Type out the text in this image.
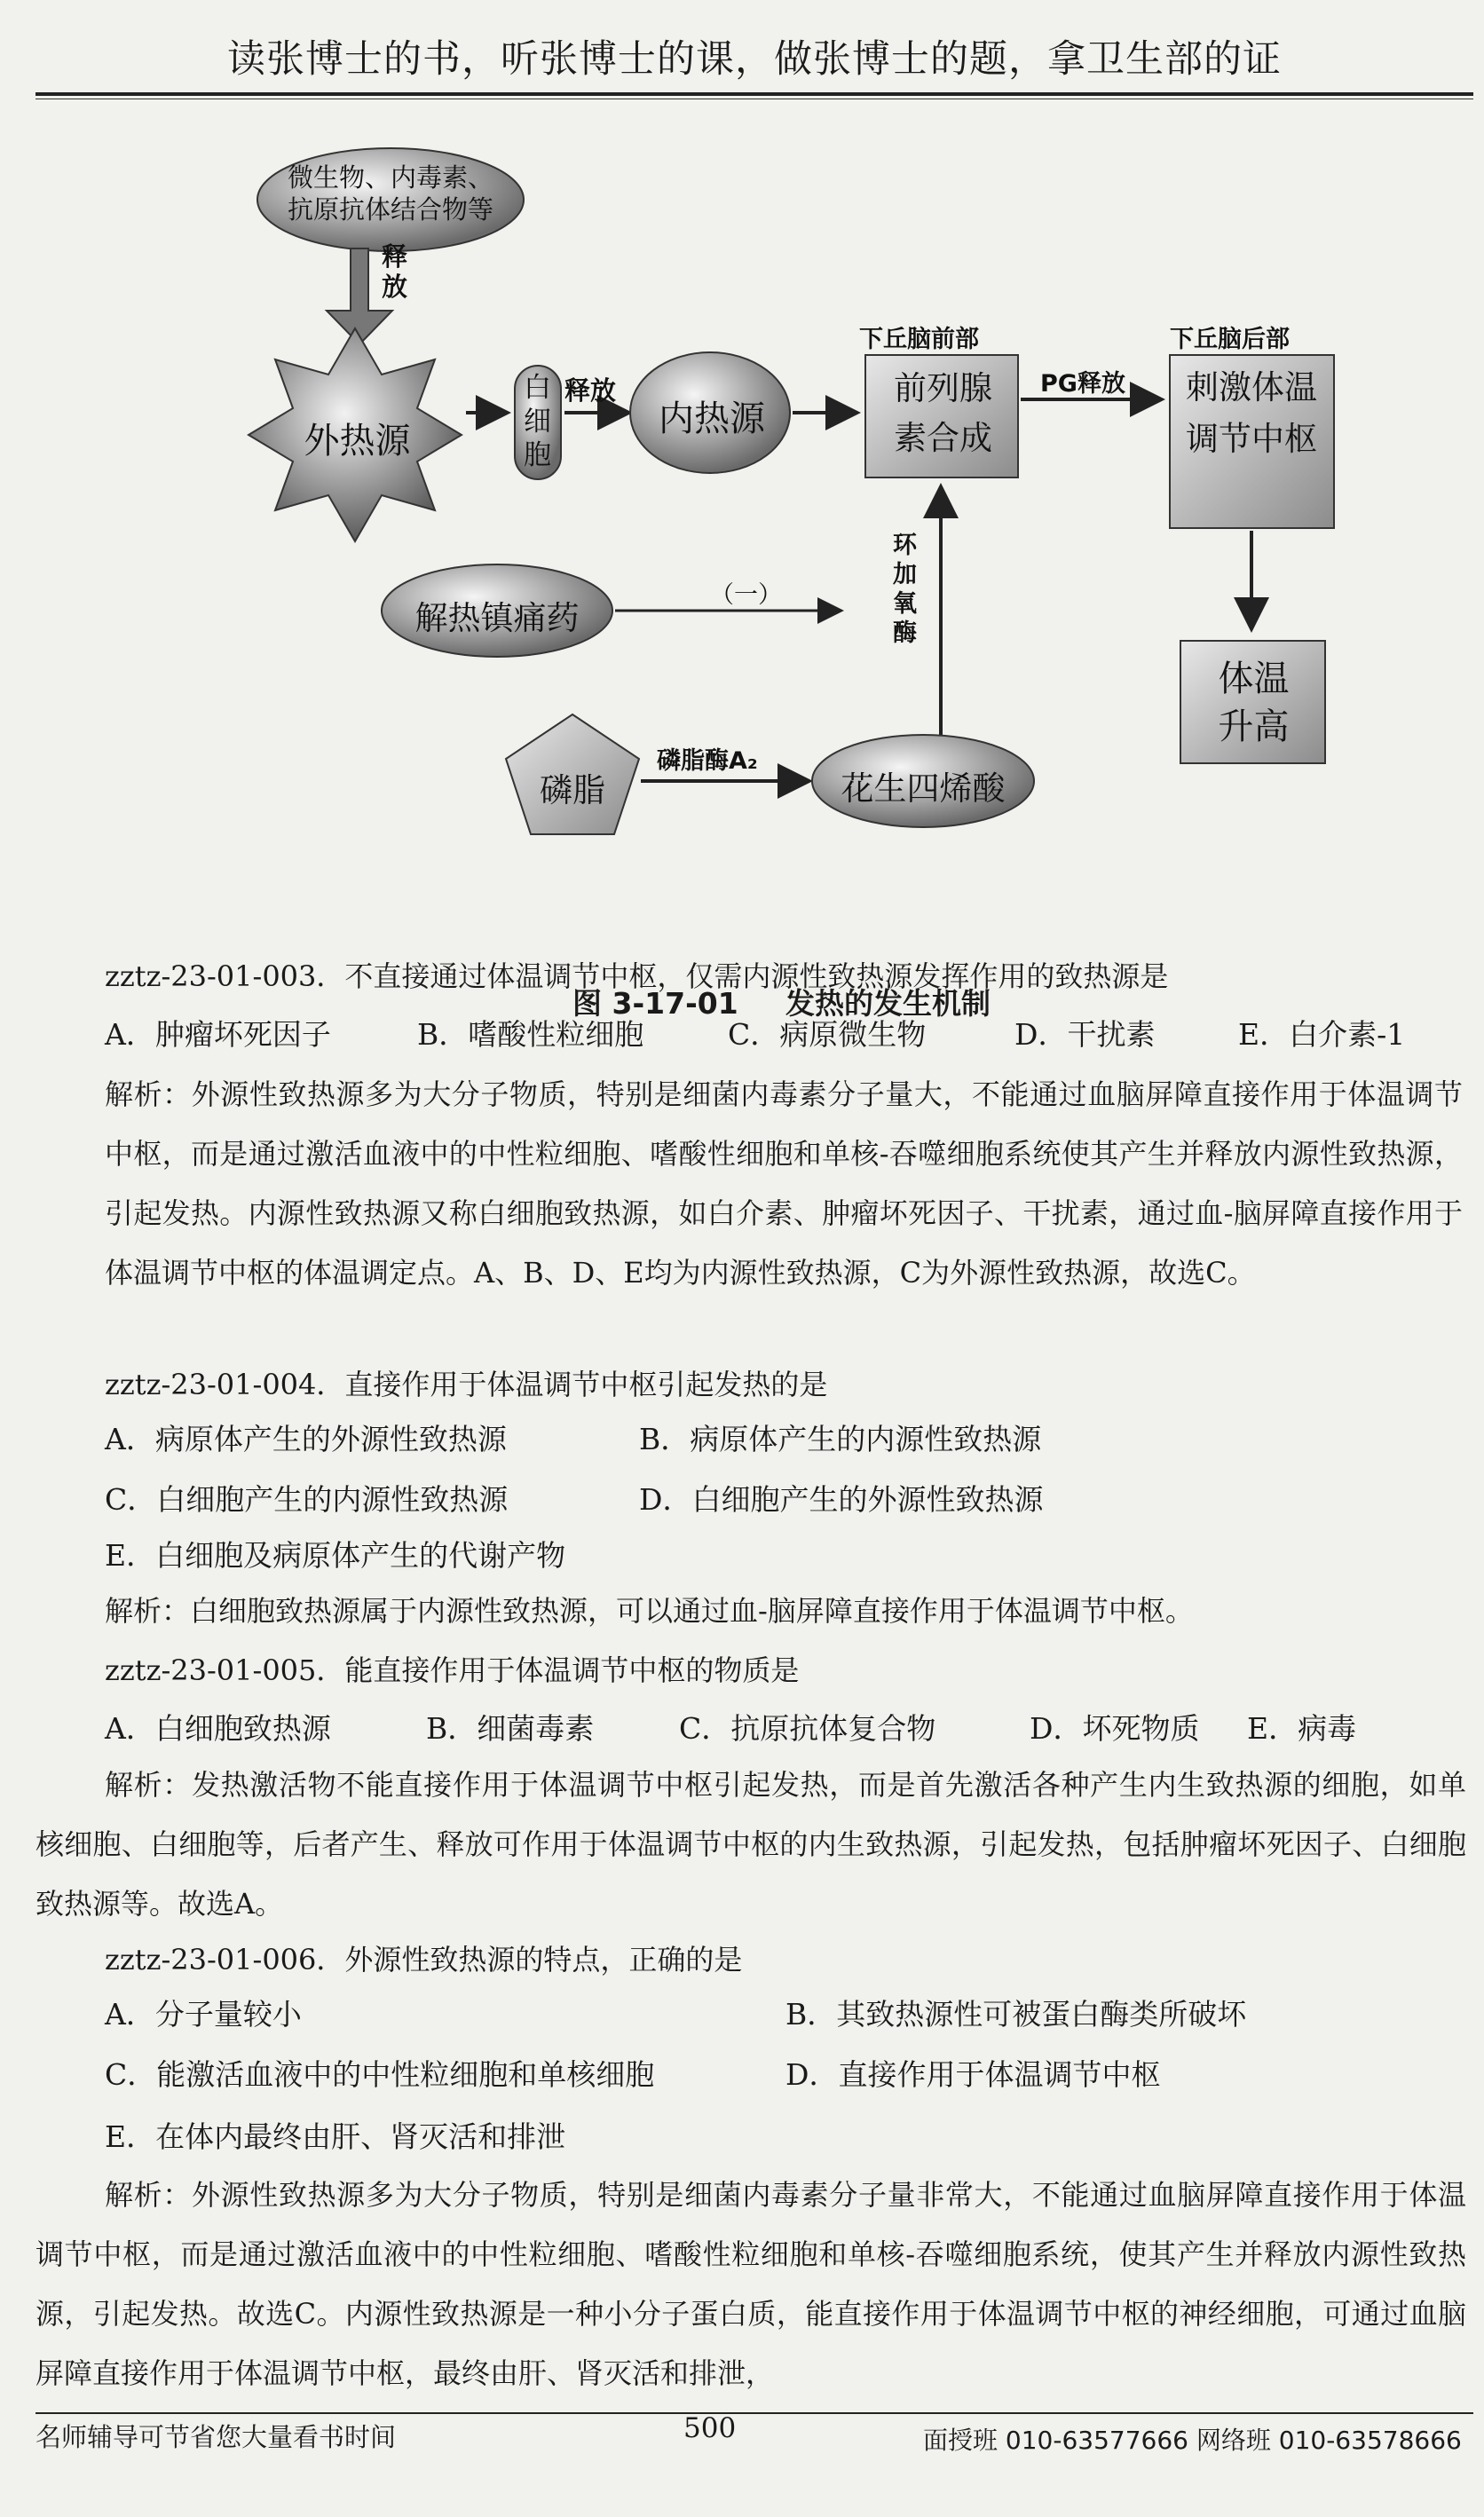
读张博士的书，听张博士的课，做张博士的题，拿卫生部的证
微生物、内毒素、抗原抗体结合物等
释放
外热源
白细胞
释放
内热源
下丘脑前部
前列腺素合成
PG释放
下丘脑后部
刺激体温调节中枢
解热镇痛药
（一）
环加氧酶
体温升高
磷脂
磷脂酶A₂
花生四烯酸
图 3-17-01 发热的发生机制
zztz-23-01-003．不直接通过体温调节中枢，仅需内源性致热源发挥作用的致热源是
A．肿瘤坏死因子	B．嗜酸性粒细胞	C．病原微生物	D．干扰素	E．白介素-1
解析：外源性致热源多为大分子物质，特别是细菌内毒素分子量大，不能通过血脑屏障直接作用于体温调节中枢，而是通过激活血液中的中性粒细胞、嗜酸性细胞和单核-吞噬细胞系统使其产生并释放内源性致热源，引起发热。内源性致热源又称白细胞致热源，如白介素、肿瘤坏死因子、干扰素，通过血-脑屏障直接作用于体温调节中枢的体温调定点。A、B、D、E均为内源性致热源，C为外源性致热源，故选C。
zztz-23-01-004．直接作用于体温调节中枢引起发热的是
A．病原体产生的外源性致热源	B．病原体产生的内源性致热源
C．白细胞产生的内源性致热源	D．白细胞产生的外源性致热源
E．白细胞及病原体产生的代谢产物
解析：白细胞致热源属于内源性致热源，可以通过血-脑屏障直接作用于体温调节中枢。
zztz-23-01-005．能直接作用于体温调节中枢的物质是
A．白细胞致热源	B．细菌毒素	C．抗原抗体复合物	D．坏死物质 E．病毒
解析：发热激活物不能直接作用于体温调节中枢引起发热，而是首先激活各种产生内生致热源的细胞，如单核细胞、白细胞等，后者产生、释放可作用于体温调节中枢的内生致热源，引起发热，包括肿瘤坏死因子、白细胞致热源等。故选A。
zztz-23-01-006．外源性致热源的特点，正确的是
A．分子量较小	B．其致热源性可被蛋白酶类所破坏
C．能激活血液中的中性粒细胞和单核细胞	D．直接作用于体温调节中枢
E．在体内最终由肝、肾灭活和排泄
解析：外源性致热源多为大分子物质，特别是细菌内毒素分子量非常大，不能通过血脑屏障直接作用于体温调节中枢，而是通过激活血液中的中性粒细胞、嗜酸性粒细胞和单核-吞噬细胞系统，使其产生并释放内源性致热源，引起发热。故选C。内源性致热源是一种小分子蛋白质，能直接作用于体温调节中枢的神经细胞，可通过血脑屏障直接作用于体温调节中枢，最终由肝、肾灭活和排泄，
名师辅导可节省您大量看书时间	500	面授班 010-63577666 网络班 010-63578666
